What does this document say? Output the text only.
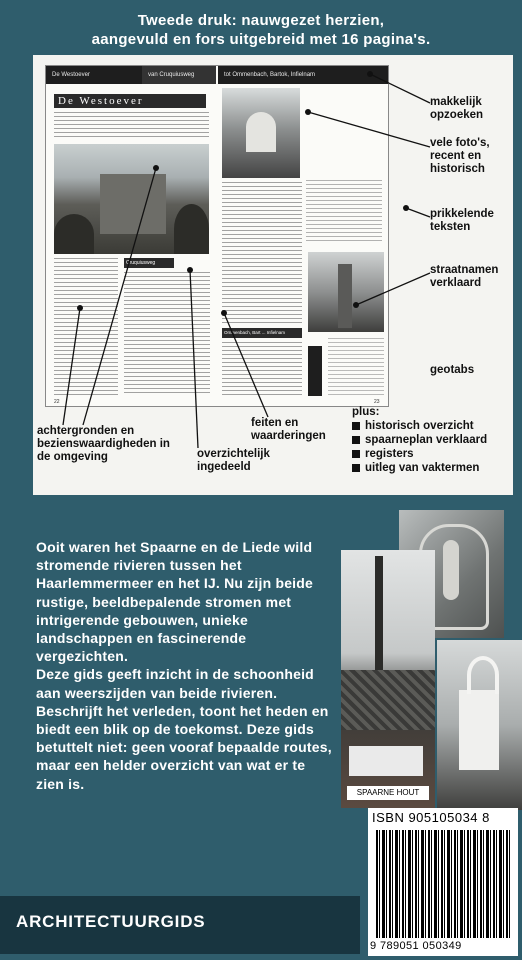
Tweede druk: nauwgezet herzien,
aangevuld en fors uitgebreid met 16 pagina's.
De Westoever	van Cruquiusweg	tot Ommenbach, Bartok, Infielnam
De Westoever
Cruquiusweg
22
Ommenbach, Bart ... Infielnam
23
makkelijk opzoeken
vele foto's, recent en historisch
prikkelende teksten
straatnamen verklaard
geotabs
achtergronden en bezienswaardigheden in de omgeving
feiten en waarderingen
overzichtelijk ingedeeld
plus:
historisch overzicht
spaarneplan verklaard
registers
uitleg van vaktermen

Ooit waren het Spaarne en de Liede wild stromende rivieren tussen het Haarlemmermeer en het IJ. Nu zijn beide rustige, beeldbepalende stromen met intrigerende gebouwen, unieke landschappen en fascinerende vergezichten.

Deze gids geeft inzicht in de schoonheid aan weerszijden van beide rivieren. Beschrijft het verleden, toont het heden en biedt een blik op de toekomst. Deze gids betuttelt niet: geen vooraf bepaalde routes, maar een helder overzicht van wat er te zien is.

SPAARNE HOUT
ISBN 905105034 8
9 789051 050349
ARCHITECTUURGIDS
